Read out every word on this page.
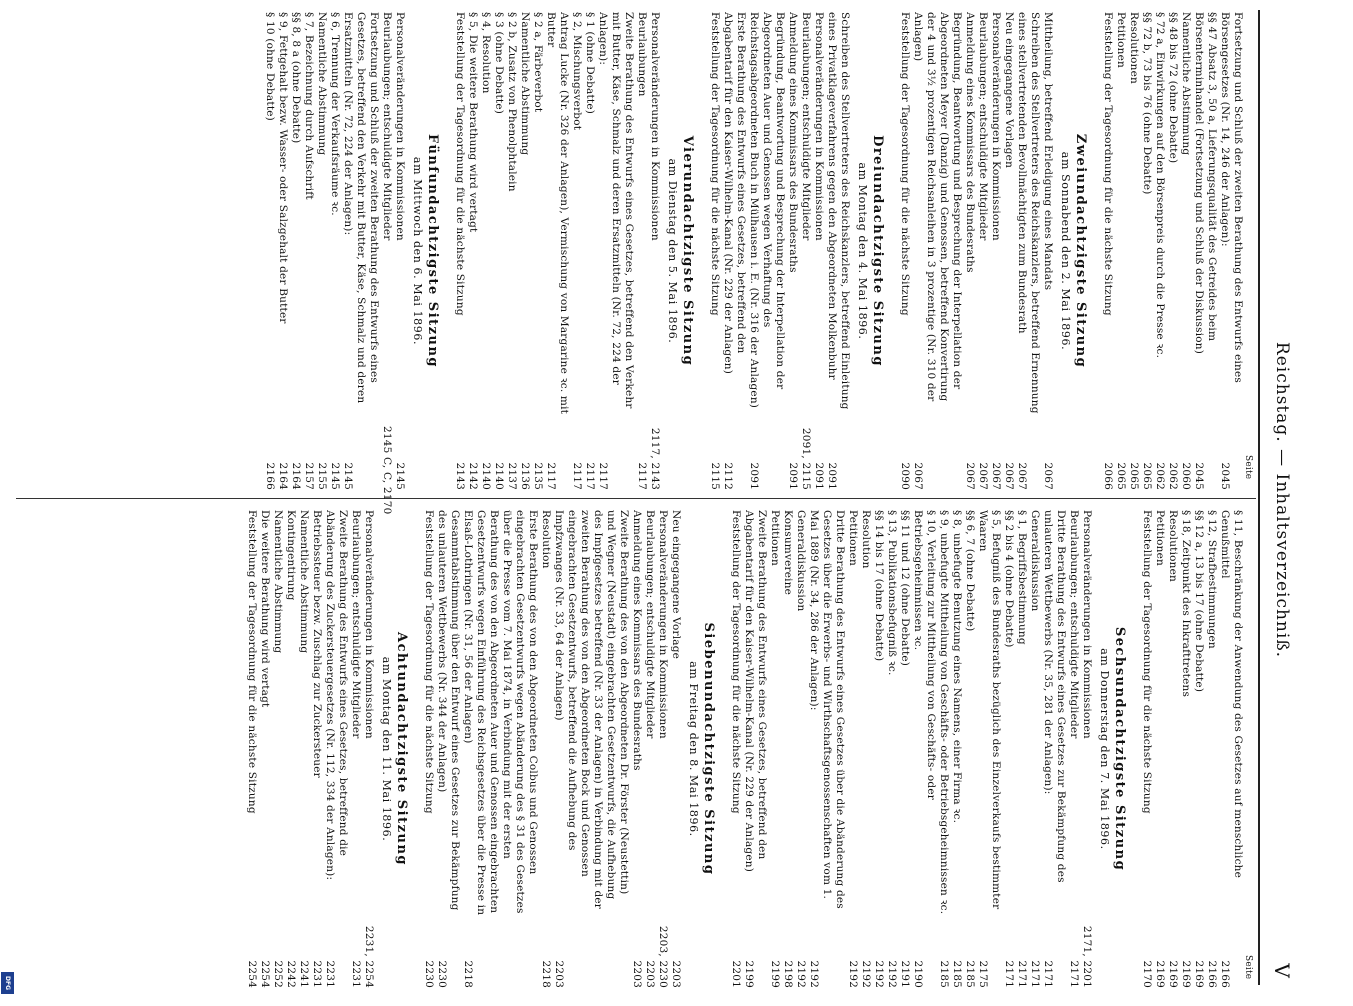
Reichstag. — Inhaltsverzeichniß.
V
Seite
Seite
Fortsetzung und Schluß der zweiten Berathung des Entwurfs eines Börsengesetzes (Nr. 14, 246 der Anlagen):
2045
§§ 47 Absatz 3, 50 a, Lieferungsqualität des Getreides beim Börsenterminhandel (Fortsetzung und Schluß der Diskussion)
2045
Namentliche Abstimmung
2060
§§ 48 bis 72 (ohne Debatte)
2062
§ 72 a, Einwirkungen auf den Börsenpreis durch die Presse ꝛc.
2062
§§ 72 b, 73 bis 76 (ohne Debatte)
2065
Resolutionen
2065
Petitionen
2065
Feststellung der Tagesordnung für die nächste Sitzung
2066
Zweiundachtzigste Sitzung
am Sonnabend den 2. Mai 1896.
Mittheilung, betreffend Erledigung eines Mandats
2067
Schreiben des Stellvertreters des Reichskanzlers, betreffend Ernennung eines stellvertretenden Bevollmächtigten zum Bundesrath
2067
Neu eingegangene Vorlagen
2067
Personalveränderungen in Kommissionen
2067
Beurlaubungen; entschuldigte Mitglieder
2067
Anmeldung eines Kommissars des Bundesraths
2067
Begründung, Beantwortung und Besprechung der Interpellation der Abgeordneten Meyer (Danzig) und Genossen, betreffend Konvertirung der 4 und 3½ prozentigen Reichsanleihen in 3 prozentige (Nr. 310 der Anlagen)
2067
Feststellung der Tagesordnung für die nächste Sitzung
2090
Dreiundachtzigste Sitzung
am Montag den 4. Mai 1896.
Schreiben des Stellvertreters des Reichskanzlers, betreffend Einleitung eines Privatklageverfahrens gegen den Abgeordneten Molkenbuhr
2091
Personalveränderungen in Kommissionen
2091
Beurlaubungen; entschuldigte Mitglieder
2091, 2115
Anmeldung eines Kommissars des Bundesraths
2091
Begründung, Beantwortung und Besprechung der Interpellation der Abgeordneten Auer und Genossen wegen Verhaftung des Reichstagsabgeordneten Buch in Mülhausen i. E. (Nr. 316 der Anlagen)
2091
Erste Berathung des Entwurfs eines Gesetzes, betreffend den Abgabentarif für den Kaiser-Wilhelm-Kanal (Nr. 229 der Anlagen)
2112
Feststellung der Tagesordnung für die nächste Sitzung
2115
Vierundachtzigste Sitzung
am Dienstag den 5. Mai 1896.
Personalveränderungen in Kommissionen
2117, 2143
Beurlaubungen
2117
Zweite Berathung des Entwurfs eines Gesetzes, betreffend den Verkehr mit Butter, Käse, Schmalz und deren Ersatzmitteln (Nr. 72, 224 der Anlagen):
2117
§ 1 (ohne Debatte)
2117
§ 2, Mischungsverbot
2117
Antrag Lucke (Nr. 326 der Anlagen), Vermischung von Margarine ꝛc. mit Butter
2117
§ 2 a, Färbeverbot
2135
Namentliche Abstimmung
2136
§ 2 b, Zusatz von Phenolphtalein
2137
§ 3 (ohne Debatte)
2140
§ 4, Resolution
2140
§ 5, Die weitere Berathung wird vertagt
2142
Feststellung der Tagesordnung für die nächste Sitzung
2143
Fünfundachtzigste Sitzung
am Mittwoch den 6. Mai 1896.
Personalveränderungen in Kommissionen
2145
Beurlaubungen; entschuldigte Mitglieder
2145 C, C, 2170
Fortsetzung und Schluß der zweiten Berathung des Entwurfs eines Gesetzes, betreffend den Verkehr mit Butter, Käse, Schmalz und deren Ersatzmitteln (Nr. 72, 224 der Anlagen):
2145
§ 6, Trennung der Verkaufsräume ꝛc.
2145
Namentliche Abstimmung
2155
§ 7, Bezeichnung durch Aufschrift
2157
§§ 8, 8 a (ohne Debatte)
2164
§ 9, Fettgehalt bezw. Wasser- oder Salzgehalt der Butter
2164
§ 10 (ohne Debatte)
2166
§ 11, Beschränkung der Anwendung des Gesetzes auf menschliche Genußmittel
2166
§ 12, Strafbestimmungen
2166
§§ 12 a, 13 bis 17 (ohne Debatte)
2169
§ 18, Zeitpunkt des Inkrafttretens
2169
Resolutionen
2169
Petitionen
2169
Feststellung der Tagesordnung für die nächste Sitzung
2170
Sechsundachtzigste Sitzung
am Donnerstag den 7. Mai 1896.
Personalveränderungen in Kommissionen
2171, 2201
Beurlaubungen; entschuldigte Mitglieder
2171
Dritte Berathung des Entwurfs eines Gesetzes zur Bekämpfung des unlauteren Wettbewerbs (Nr. 35, 281 der Anlagen):
2171
Generaldiskussion
2171
§ 1, Begriffsbestimmung
2171
§§ 2 bis 4 (ohne Debatte)
2171
§ 5, Befugniß des Bundesraths bezüglich des Einzelverkaufs bestimmter Waaren
2175
§§ 6, 7 (ohne Debatte)
2185
§ 8, unbefugte Benutzung eines Namens, einer Firma ꝛc.
2185
§ 9, unbefugte Mittheilung von Geschäfts- oder Betriebsgeheimnissen ꝛc.
2185
§ 10, Verleitung zur Mittheilung von Geschäfts- oder Betriebsgeheimnissen ꝛc.
2190
§§ 11 und 12 (ohne Debatte)
2191
§ 13, Publikationsbefugniß ꝛc.
2192
§§ 14 bis 17 (ohne Debatte)
2192
Resolution
2192
Petitionen
2192
Dritte Berathung des Entwurfs eines Gesetzes über die Abänderung des Gesetzes über die Erwerbs- und Wirthschaftsgenossenschaften vom 1. Mai 1889 (Nr. 34, 286 der Anlagen):
2192
Generaldiskussion
2192
Konsumvereine
2198
Petitionen
2199
Zweite Berathung des Entwurfs eines Gesetzes, betreffend den Abgabentarif für den Kaiser-Wilhelm-Kanal (Nr. 229 der Anlagen)
2199
Feststellung der Tagesordnung für die nächste Sitzung
2201
Siebenundachtzigste Sitzung
am Freitag den 8. Mai 1896.
Neu eingegangene Vorlage
2203
Personalveränderungen in Kommissionen
2203, 2230
Beurlaubungen; entschuldigte Mitglieder
2203
Anmeldung eines Kommissars des Bundesraths
2203
Zweite Berathung des von den Abgeordneten Dr. Förster (Neustettin) und Wegner (Neustadt) eingebrachten Gesetzentwurfs, die Aufhebung des Impfgesetzes betreffend (Nr. 33 der Anlagen) in Verbindung mit der zweiten Berathung des von den Abgeordneten Bock und Genossen eingebrachten Gesetzentwurfs, betreffend die Aufhebung des Impfzwanges (Nr. 33, 64 der Anlagen)
2203
Resolution
2218
Erste Berathung des von den Abgeordneten Colbus und Genossen eingebrachten Gesetzentwurfs wegen Abänderung des § 31 des Gesetzes über die Presse vom 7. Mai 1874, in Verbindung mit der ersten Berathung des von den Abgeordneten Auer und Genossen eingebrachten Gesetzentwurfs wegen Einführung des Reichsgesetzes über die Presse in Elsaß-Lothringen (Nr. 31, 56 der Anlagen)
2218
Gesammtabstimmung über den Entwurf eines Gesetzes zur Bekämpfung des unlauteren Wettbewerbs (Nr. 344 der Anlagen)
2230
Feststellung der Tagesordnung für die nächste Sitzung
2230
Achtundachtzigste Sitzung
am Montag den 11. Mai 1896.
Personalveränderungen in Kommissionen
2231, 2254
Beurlaubungen; entschuldigte Mitglieder
2231
Zweite Berathung des Entwurfs eines Gesetzes, betreffend die Abänderung des Zuckersteuergesetzes (Nr. 112, 334 der Anlagen):
2231
Betriebssteuer bezw. Zuschlag zur Zuckersteuer
2231
Namentliche Abstimmung
2241
Kontingentirung
2242
Namentliche Abstimmung
2252
Die weitere Berathung wird vertagt
2254
Feststellung der Tagesordnung für die nächste Sitzung
2254
DFG
